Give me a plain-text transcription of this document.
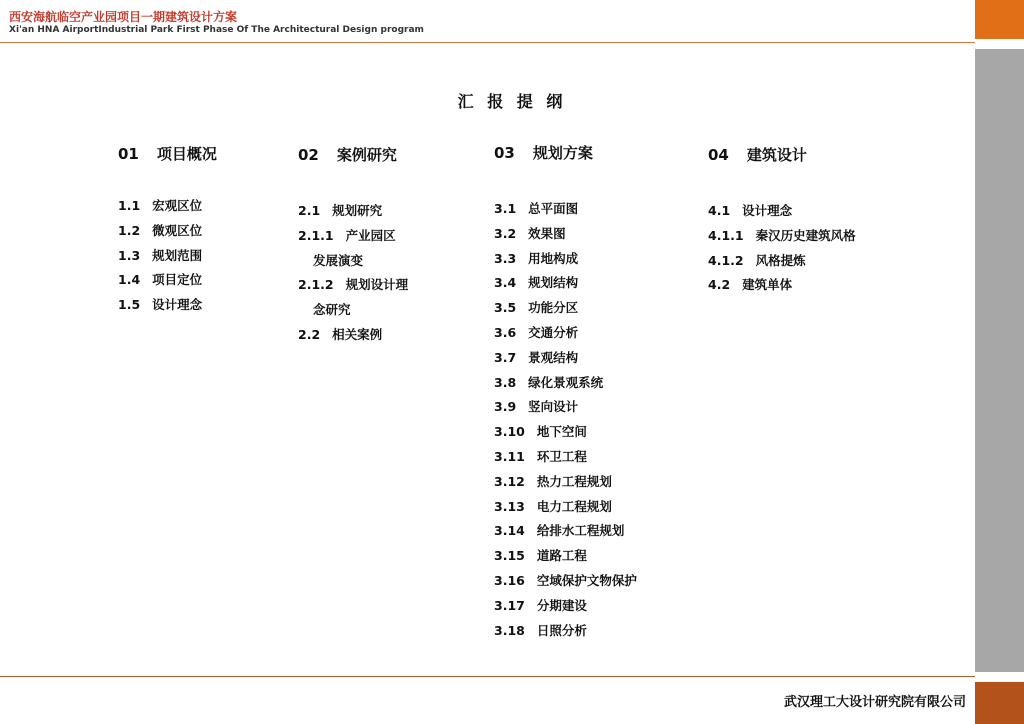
西安海航临空产业园项目一期建筑设计方案
Xi'an HNA AirportIndustrial Park First Phase Of The Architectural Design program
汇 报 提 纲
01 项目概况
1.1 宏观区位
1.2 微观区位
1.3 规划范围
1.4 项目定位
1.5 设计理念
02 案例研究
2.1 规划研究
2.1.1 产业园区
发展演变
2.1.2 规划设计理
念研究
2.2 相关案例
03 规划方案
3.1 总平面图
3.2 效果图
3.3 用地构成
3.4 规划结构
3.5 功能分区
3.6 交通分析
3.7 景观结构
3.8 绿化景观系统
3.9 竖向设计
3.10 地下空间
3.11 环卫工程
3.12 热力工程规划
3.13 电力工程规划
3.14 给排水工程规划
3.15 道路工程
3.16 空域保护文物保护
3.17 分期建设
3.18 日照分析
04 建筑设计
4.1 设计理念
4.1.1 秦汉历史建筑风格
4.1.2 风格提炼
4.2 建筑单体
武汉理工大设计研究院有限公司
